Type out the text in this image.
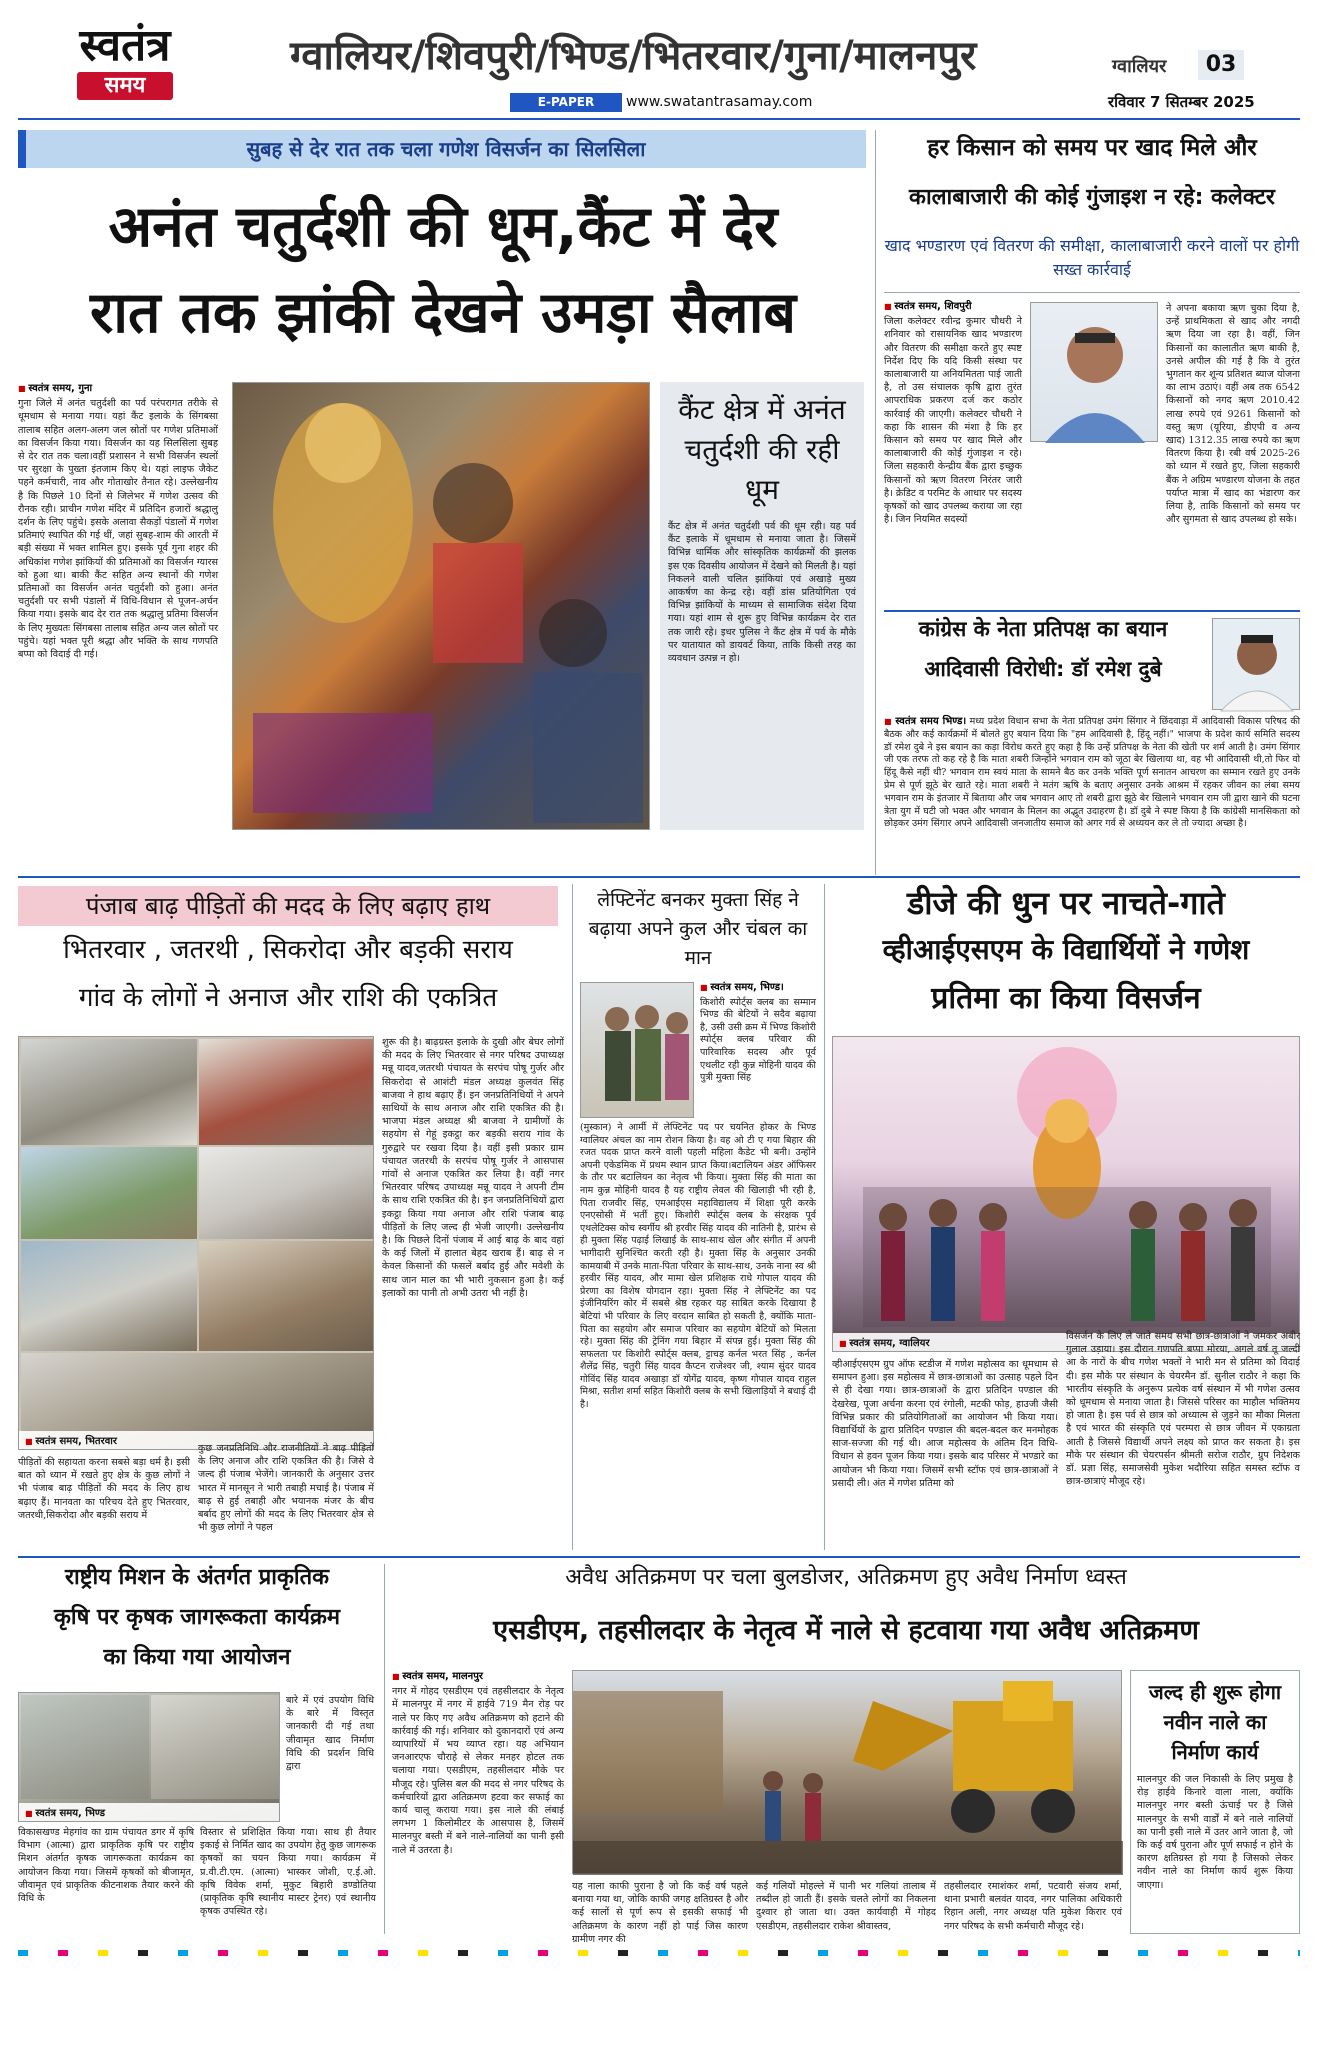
स्वतंत्र
समय
ग्वालियर/शिवपुरी/भिण्ड/भितरवार/गुना/मालनपुर
E-PAPER	www.swatantrasamay.com
ग्वालियर	03
रविवार 7 सितम्बर 2025
सुबह से देर रात तक चला गणेश विसर्जन का सिलसिला
अनंत चतुर्दशी की धूम,कैंट में देर
रात तक झांकी देखने उमड़ा सैलाब
■ स्वतंत्र समय, गुना
गुना जिले में अनंत चतुर्दशी का पर्व परंपरागत तरीके से धूमधाम से मनाया गया। यहां कैंट इलाके के सिंगबसा तालाब सहित अलग-अलग जल स्रोतों पर गणेश प्रतिमाओं का विसर्जन किया गया। विसर्जन का यह सिलसिला सुबह से देर रात तक चला।वहीं प्रशासन ने सभी विसर्जन स्थलों पर सुरक्षा के पुख्ता इंतजाम किए थे। यहां लाइफ जैकेट पहने कर्मचारी, नाव और गोताखोर तैनात रहे। उल्लेखनीय है कि पिछले 10 दिनों से जिलेभर में गणेश उत्सव की रौनक रही। प्राचीन गणेश मंदिर में प्रतिदिन हजारों श्रद्धालु दर्शन के लिए पहुंचे। इसके अलावा सैकड़ों पंडालों में गणेश प्रतिमाएं स्थापित की गई थीं, जहां सुबह-शाम की आरती में बड़ी संख्या में भक्त शामिल हुए। इसके पूर्व गुना शहर की अधिकांश गणेश झांकियों की प्रतिमाओं का विसर्जन ग्यारस को हुआ था। बाकी कैंट सहित अन्य स्थानों की गणेश प्रतिमाओं का विसर्जन अनंत चतुर्दशी को हुआ। अनंत चतुर्दशी पर सभी पंडालों में विधि-विधान से पूजन-अर्चन किया गया। इसके बाद देर रात तक श्रद्धालु प्रतिमा विसर्जन के लिए मुख्यतः सिंगबसा तालाब सहित अन्य जल स्रोतों पर पहुंचे। यहां भक्त पूरी श्रद्धा और भक्ति के साथ गणपति बप्पा को विदाई दी गई।
कैंट क्षेत्र में अनंत चतुर्दशी की रही धूम
कैंट क्षेत्र में अनंत चतुर्दशी पर्व की धूम रही। यह पर्व कैंट इलाके में धूमधाम से मनाया जाता है। जिसमें विभिन्न धार्मिक और सांस्कृतिक कार्यक्रमों की झलक इस एक दिवसीय आयोजन में देखने को मिलती है। यहां निकलने वाली चलित झांकियां एवं अखाड़े मुख्य आकर्षण का केन्द्र रहे। वहीं डांस प्रतियोगिता एवं विभिन्न झांकियों के माध्यम से सामाजिक संदेश दिया गया। यहां शाम से शुरू हुए विभिन्न कार्यक्रम देर रात तक जारी रहे। इधर पुलिस ने कैंट क्षेत्र में पर्व के मौके पर यातायात को डायवर्ट किया, ताकि किसी तरह का व्यवधान उत्पन्न न हो।
हर किसान को समय पर खाद मिले और
कालाबाजारी की कोई गुंजाइश न रहे: कलेक्टर
खाद भण्डारण एवं वितरण की समीक्षा, कालाबाजारी करने वालों पर होगी सख्त कार्रवाई
■ स्वतंत्र समय, शिवपुरी
जिला कलेक्टर रवीन्द्र कुमार चौधरी ने शनिवार को रासायनिक खाद भण्डारण और वितरण की समीक्षा करते हुए स्पष्ट निर्देश दिए कि यदि किसी संस्था पर कालाबाजारी या अनियमितता पाई जाती है, तो उस संचालक कृषि द्वारा तुरंत आपराधिक प्रकरण दर्ज कर कठोर कार्रवाई की जाएगी। कलेक्टर चौधरी ने कहा कि शासन की मंशा है कि हर किसान को समय पर खाद मिले और कालाबाजारी की कोई गुंजाइश न रहे। जिला सहकारी केन्द्रीय बैंक द्वारा इच्छुक किसानों को ऋण वितरण निरंतर जारी है। क्रेडिट व परमिट के आधार पर सदस्य कृषकों को खाद उपलब्ध कराया जा रहा है। जिन नियमित सदस्यों
ने अपना बकाया ऋण चुका दिया है, उन्हें प्राथमिकता से खाद और नगदी ऋण दिया जा रहा है। वहीं, जिन किसानों का कालातीत ऋण बाकी है, उनसे अपील की गई है कि वे तुरंत भुगतान कर शून्य प्रतिशत ब्याज योजना का लाभ उठाएं। वहीं अब तक 6542 किसानों को नगद ऋण 2010.42 लाख रुपये एवं 9261 किसानों को वस्तु ऋण (यूरिया, डीएपी व अन्य खाद) 1312.35 लाख रुपये का ऋण वितरण किया है। रबी वर्ष 2025-26 को ध्यान में रखते हुए, जिला सहकारी बैंक ने अग्रिम भण्डारण योजना के तहत पर्याप्त मात्रा में खाद का भंडारण कर लिया है, ताकि किसानों को समय पर और सुगमता से खाद उपलब्ध हो सके।
कांग्रेस के नेता प्रतिपक्ष का बयान
आदिवासी विरोधी: डॉ रमेश दुबे
■ स्वतंत्र समय भिण्ड। मध्य प्रदेश विधान सभा के नेता प्रतिपक्ष उमंग सिंगार ने छिंदवाड़ा में आदिवासी विकास परिषद की बैठक और कई कार्यक्रमों में बोलते हुए बयान दिया कि "हम आदिवासी है, हिंदू नहीं।" भाजपा के प्रदेश कार्य समिति सदस्य डॉ रमेश दुबे ने इस बयान का कड़ा विरोध करते हुए कहा है कि उन्हें प्रतिपक्ष के नेता की खेती पर शर्म आती है। उमंग सिंगार जी एक तरफ तो कह रहे है कि माता शबरी जिन्होंने भगवान राम को जूठा बेर खिलाया था, वह भी आदिवासी थी,तो फिर वो हिंदू कैसे नहीं थी? भगवान राम स्वयं माता के सामने बैठ कर उनके भक्ति पूर्ण सनातन आचरण का सम्मान रखते हुए उनके प्रेम से पूर्ण झूठे बेर खाते रहे। माता शबरी ने मतंग ऋषि के बताए अनुसार उनके आश्रम में रहकर जीवन का लंबा समय भगवान राम के इंतजार में बिताया और जब भगवान आए तो शबरी द्वारा झूठे बेर खिलाने भगवान राम जी द्वारा खाने की घटना त्रेता युग में घटी जो भक्त और भगवान के मिलन का अद्भुत उदाहरण है। डॉ दुबे ने स्पष्ट किया है कि कांग्रेसी मानसिकता को छोड़कर उमंग सिंगार अपने आदिवासी जनजातीय समाज को अगर गर्व से अध्ययन कर ले तो ज्यादा अच्छा है।
पंजाब बाढ़ पीड़ितों की मदद के लिए बढ़ाए हाथ
भितरवार , जतरथी , सिकरोदा और बड़की सराय
गांव के लोगों ने अनाज और राशि की एकत्रित
■ स्वतंत्र समय, भितरवार
पीड़ितों की सहायता करना सबसे बड़ा धर्म है। इसी बात को ध्यान में रखते हुए क्षेत्र के कुछ लोगों ने भी पंजाब बाढ़ पीड़ितों की मदद के लिए हाथ बढ़ाए हैं। मानवता का परिचय देते हुए भितरवार, जतरथी,सिकरोदा और बड़की सराय में
कुछ जनप्रतिनिधि और राजनीतियों ने बाढ़ पीड़ितों के लिए अनाज और राशि एकत्रित की है। जिसे वे जल्द ही पंजाब भेजेंगे। जानकारी के अनुसार उत्तर भारत में मानसून ने भारी तबाही मचाई है। पंजाब में बाढ़ से हुई तबाही और भयानक मंजर के बीच बर्बाद हुए लोगों की मदद के लिए भितरवार क्षेत्र से भी कुछ लोगों ने पहल
शुरू की है। बाढ़ग्रस्त इलाके के दुखी और बेघर लोगों की मदद के लिए भितरवार से नगर परिषद उपाध्यक्ष मन्नू यादव,जतरथी पंचायत के सरपंच पोषू गुर्जर और सिकरोदा से आशंटी मंडल अध्यक्ष कुलवंत सिंह बाजवा ने हाथ बढ़ाए हैं। इन जनप्रतिनिधियों ने अपने साथियों के साथ अनाज और राशि एकत्रित की है। भाजपा मंडल अध्यक्ष श्री बाजवा ने ग्रामीणों के सहयोग से गेहूं इकट्ठा कर बड़की सराय गांव के गुरुद्वारे पर रखवा दिया है। वहीं इसी प्रकार ग्राम पंचायत जतरथी के सरपंच पोषू गुर्जर ने आसपास गांवों से अनाज एकत्रित कर लिया है। वहीं नगर भितरवार परिषद उपाध्यक्ष मन्नू यादव ने अपनी टीम के साथ राशि एकत्रित की है। इन जनप्रतिनिधियों द्वारा इकट्ठा किया गया अनाज और राशि पंजाब बाढ़ पीड़ितों के लिए जल्द ही भेजी जाएगी। उल्लेखनीय है। कि पिछले दिनों पंजाब में आई बाढ़ के बाद वहां के कई जिलों में हालात बेहद खराब हैं। बाढ़ से न केवल किसानों की फसलें बर्बाद हुई और मवेशी के साथ जान माल का भी भारी नुकसान हुआ है। कई इलाकों का पानी तो अभी उतरा भी नहीं है।
लेफ्टिनेंट बनकर मुक्ता सिंह ने बढ़ाया अपने कुल और चंबल का मान
■ स्वतंत्र समय, भिण्ड।
किशोरी स्पोर्ट्स क्लब का सम्मान भिण्ड की बेटियों ने सदैव बढ़ाया है, उसी उसी क्रम में भिण्ड किशोरी स्पोर्ट्स क्लब परिवार की पारिवारिक सदस्य और पूर्व एथलीट रही कुन्न मोहिनी यादव की पुत्री मुक्ता सिंह
(मुस्कान) ने आर्मी में लेफ्टिनेंट पद पर चयनित होकर के भिण्ड ग्वालियर अंचल का नाम रोशन किया है। वह ओ टी ए गया बिहार की रजत पदक प्राप्त करने वाली पहली महिला कैडेट भी बनी। उन्होंने अपनी एकेडमिक में प्रथम स्थान प्राप्त किया।बटालियन अंडर ऑफिसर के तौर पर बटालियन का नेतृत्व भी किया। मुक्ता सिंह की माता का नाम कुन्न मोहिनी यादव है यह राष्ट्रीय लेवल की खिलाड़ी भी रही है, पिता राजवीर सिंह, एमआईएस महाविद्यालय में शिक्षा पूरी करके एनएसोसी में भर्ती हुए। किशोरी स्पोर्ट्स क्लब के संरक्षक पूर्व एथलेटिक्स कोच स्वर्गीय श्री हरवीर सिंह यादव की नातिनी है, प्रारंभ से ही मुक्ता सिंह पढ़ाई लिखाई के साथ-साथ खेल और संगीत में अपनी भागीदारी सुनिश्चित करती रही है। मुक्ता सिंह के अनुसार उनकी कामयाबी में उनके माता-पिता परिवार के साथ-साथ, उनके नाना स्व श्री हरवीर सिंह यादव, और मामा खेल प्रशिक्षक राधे गोपाल यादव की प्रेरणा का विशेष योगदान रहा। मुक्ता सिंह ने लेफ्टिनेंट का पद इंजीनियरिंग कोर में सबसे श्रेष्ठ रहकर यह साबित करके दिखाया है बेटियां भी परिवार के लिए वरदान साबित हो सकती है, क्योंकि माता-पिता का सहयोग और समाज परिवार का सहयोग बेटियों को मिलता रहे। मुक्ता सिंह की ट्रेनिंग गया बिहार में संपन्न हुई। मुक्ता सिंह की सफलता पर किशोरी स्पोर्ट्स क्लब, ट्टाचड़ कर्नल भरत सिंह , कर्नल शैलेंद्र सिंह, चतुरी सिंह यादव कैप्टन राजेश्वर जी, श्याम सुंदर यादव गोविंद सिंह यादव अखाड़ा डॉ योगेंद्र यादव, कृष्ण गोपाल यादव राहुल मिश्रा, सतीश शर्मा सहित किशोरी क्लब के सभी खिलाड़ियों ने बधाई दी है।
डीजे की धुन पर नाचते-गाते
व्हीआईएसएम के विद्यार्थियों ने गणेश
प्रतिमा का किया विसर्जन
■ स्वतंत्र समय, ग्वालियर
व्हीआईएसएम ग्रुप ऑफ स्टडीज में गणेश महोत्सव का धूमधाम से समापन हुआ। इस महोत्सव में छात्र-छात्राओं का उत्साह पहले दिन से ही देखा गया। छात्र-छात्राओं के द्वारा प्रतिदिन पण्डाल की देखरेख, पूजा अर्चना करना एवं रंगोली, मटकी फोड़, हाउजी जैसी विभिन्न प्रकार की प्रतियोगिताओं का आयोजन भी किया गया। विद्यार्थियों के द्वारा प्रतिदिन पण्डाल की बदल-बदल कर मनमोहक साज-सज्जा की गई थी। आज महोत्सव के अंतिम दिन विधि-विधान से हवन पूजन किया गया। इसके बाद परिसर में भण्डारे का आयोजन भी किया गया। जिसमें सभी स्टॉफ एवं छात्र-छात्राओं ने प्रसादी ली। अंत में गणेश प्रतिमा को
विसर्जन के लिए ले जाते समय सभी छात्र-छात्राओं ने जमकर अबीर गुलाल उड़ाया। इस दौरान गणपति बप्पा मोरया, अगले वर्ष तू जल्दी आ के नारों के बीच गणेश भक्तों ने भारी मन से प्रतिमा को विदाई दी। इस मौके पर संस्थान के चेयरमैन डॉ. सुनील राठौर ने कहा कि भारतीय संस्कृति के अनुरूप प्रत्येक वर्ष संस्थान में भी गणेश उत्सव को धूमधाम से मनाया जाता है। जिससे परिसर का माहौल भक्तिमय हो जाता है। इस पर्व से छात्र को अध्यात्म से जुड़ने का मौका मिलता है एवं भारत की संस्कृति एवं परम्परा से छात्र जीवन में एकाग्रता आती है जिससे विद्यार्थी अपने लक्ष्य को प्राप्त कर सकता है। इस मौके पर संस्थान की चेयरपर्सन श्रीमती सरोज राठौर, ग्रुप निदेशक डॉ. प्रज्ञा सिंह, समाजसेवी मुकेश भदौरिया सहित समस्त स्टॉफ व छात्र-छात्राएं मौजूद रहे।
राष्ट्रीय मिशन के अंतर्गत प्राकृतिक
कृषि पर कृषक जागरूकता कार्यक्रम
का किया गया आयोजन
■ स्वतंत्र समय, भिण्ड
बारे में एवं उपयोग विधि के बारे में विस्तृत जानकारी दी गई तथा जीवामृत खाद निर्माण विधि की प्रदर्शन विधि द्वारा
विकासखण्ड मेहगांव का ग्राम पंचायत डगर में कृषि विभाग (आत्मा) द्वारा प्राकृतिक कृषि पर राष्ट्रीय मिशन अंतर्गत कृषक जागरूकता कार्यक्रम का आयोजन किया गया। जिसमें कृषकों को बीजामृत, जीवामृत एवं प्राकृतिक कीटनाशक तैयार करने की विधि के
विस्तार से प्रशिक्षित किया गया। साथ ही तैयार इकाई से निर्मित खाद का उपयोग हेतु कुछ जागरूक कृषकों का चयन किया गया। कार्यक्रम में प्र.वी.टी.एम. (आत्मा) भास्कर जोशी, ए.ई.ओ. कृषि विवेक शर्मा, मुकुट बिहारी डण्डोतिया (प्राकृतिक कृषि स्थानीय मास्टर ट्रेनर) एवं स्थानीय कृषक उपस्थित रहे।
अवैध अतिक्रमण पर चला बुलडोजर, अतिक्रमण हुए अवैध निर्माण ध्वस्त
एसडीएम, तहसीलदार के नेतृत्व में नाले से हटवाया गया अवैध अतिक्रमण
■ स्वतंत्र समय, मालनपुर
नगर में गोहद एसडीएम एवं तहसीलदार के नेतृत्व में मालनपुर में नगर में हाईवे 719 मैन रोड़ पर नाले पर किए गए अवैध अतिक्रमण को हटाने की कार्रवाई की गई। शनिवार को दुकानदारों एवं अन्य व्यापारियों में भय व्याप्त रहा। यह अभियान जनआरएफ चौराहे से लेकर मनहर होटल तक चलाया गया। एसडीएम, तहसीलदार मौके पर मौजूद रहे। पुलिस बल की मदद से नगर परिषद के कर्मचारियों द्वारा अतिक्रमण हटवा कर सफाई का कार्य चालू कराया गया। इस नाले की लंबाई लगभग 1 किलोमीटर के आसपास है, जिसमें मालनपुर बस्ती में बने नाले-नालियों का पानी इसी नाले में उतरता है।
यह नाला काफी पुराना है जो कि कई वर्ष पहले बनाया गया था, जोकि काफी जगह क्षतिग्रस्त है और कई सालों से पूर्ण रूप से इसकी सफाई भी अतिक्रमण के कारण नहीं हो पाई जिस कारण ग्रामीण नगर की
कई गलियों मोहल्ले में पानी भर गलियां तालाब में तब्दील हो जाती हैं। इसके चलते लोगों का निकलना दुश्वार हो जाता था। उक्त कार्यवाही में गोहद एसडीएम, तहसीलदार राकेश श्रीवास्तव,
तहसीलदार रमाशंकर शर्मा, पटवारी संजय शर्मा, थाना प्रभारी बलवंत यादव, नगर पालिका अधिकारी रिहान अली, नगर अध्यक्ष पति मुकेश किरार एवं नगर परिषद के सभी कर्मचारी मौजूद रहे।
जल्द ही शुरू होगा नवीन नाले का निर्माण कार्य
मालनपुर की जल निकासी के लिए प्रमुख है रोड़ हाईवे किनारे वाला नाला, क्योंकि मालनपुर नगर बस्ती ऊंचाई पर है जिसे मालनपुर के सभी वार्डों में बने नाले नालियों का पानी इसी नाले में उतर आने जाता है, जो कि कई वर्ष पुराना और पूर्ण सफाई न होने के कारण क्षतिग्रस्त हो गया है जिसको लेकर नवीन नाले का निर्माण कार्य शुरू किया जाएगा।
